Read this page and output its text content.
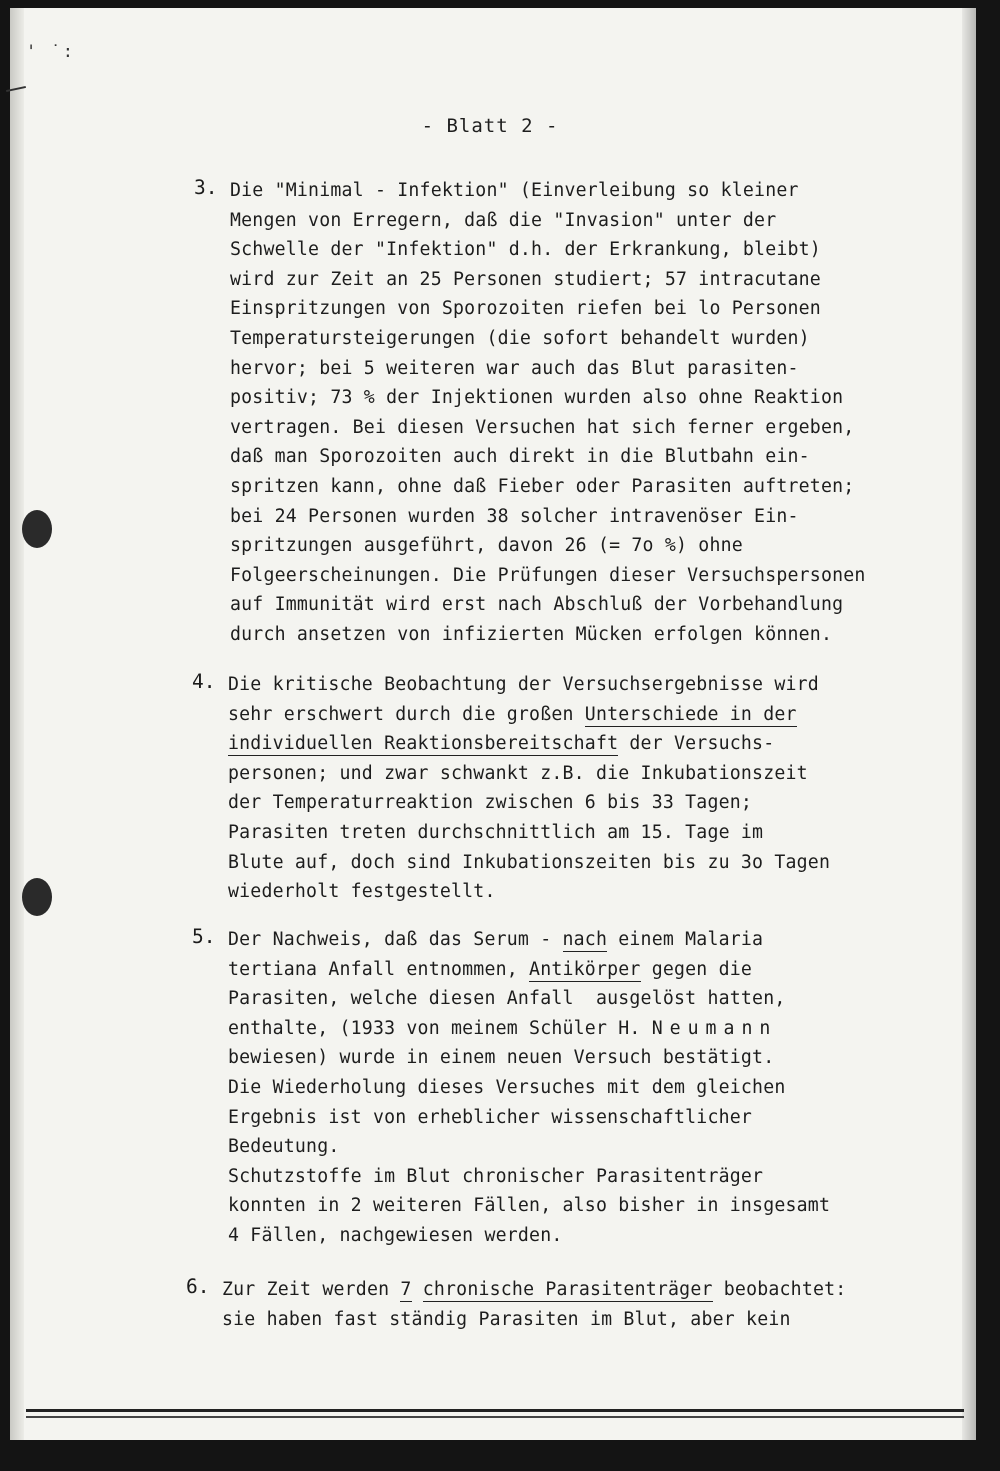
' ˙:
- Blatt 2 -
3. Die "Minimal - Infektion" (Einverleibung so kleiner
Mengen von Erregern, daß die "Invasion" unter der
Schwelle der "Infektion" d.h. der Erkrankung, bleibt)
wird zur Zeit an 25 Personen studiert; 57 intracutane
Einspritzungen von Sporozoiten riefen bei lo Personen
Temperatursteigerungen (die sofort behandelt wurden)
hervor; bei 5 weiteren war auch das Blut parasiten-
positiv; 73 % der Injektionen wurden also ohne Reaktion
vertragen. Bei diesen Versuchen hat sich ferner ergeben,
daß man Sporozoiten auch direkt in die Blutbahn ein-
spritzen kann, ohne daß Fieber oder Parasiten auftreten;
bei 24 Personen wurden 38 solcher intravenöser Ein-
spritzungen ausgeführt, davon 26 (= 7o %) ohne
Folgeerscheinungen. Die Prüfungen dieser Versuchspersonen
auf Immunität wird erst nach Abschluß der Vorbehandlung
durch ansetzen von infizierten Mücken erfolgen können.
4. Die kritische Beobachtung der Versuchsergebnisse wird
sehr erschwert durch die großen Unterschiede in der
individuellen Reaktionsbereitschaft der Versuchs-
personen; und zwar schwankt z.B. die Inkubationszeit
der Temperaturreaktion zwischen 6 bis 33 Tagen;
Parasiten treten durchschnittlich am 15. Tage im
Blute auf, doch sind Inkubationszeiten bis zu 3o Tagen
wiederholt festgestellt.
5. Der Nachweis, daß das Serum - nach einem Malaria
tertiana Anfall entnommen, Antikörper gegen die
Parasiten, welche diesen Anfall  ausgelöst hatten,
enthalte, (1933 von meinem Schüler H. Neumann
bewiesen) wurde in einem neuen Versuch bestätigt.
Die Wiederholung dieses Versuches mit dem gleichen
Ergebnis ist von erheblicher wissenschaftlicher
Bedeutung.
Schutzstoffe im Blut chronischer Parasitenträger
konnten in 2 weiteren Fällen, also bisher in insgesamt
4 Fällen, nachgewiesen werden.
6. Zur Zeit werden 7 chronische Parasitenträger beobachtet:
sie haben fast ständig Parasiten im Blut, aber kein
